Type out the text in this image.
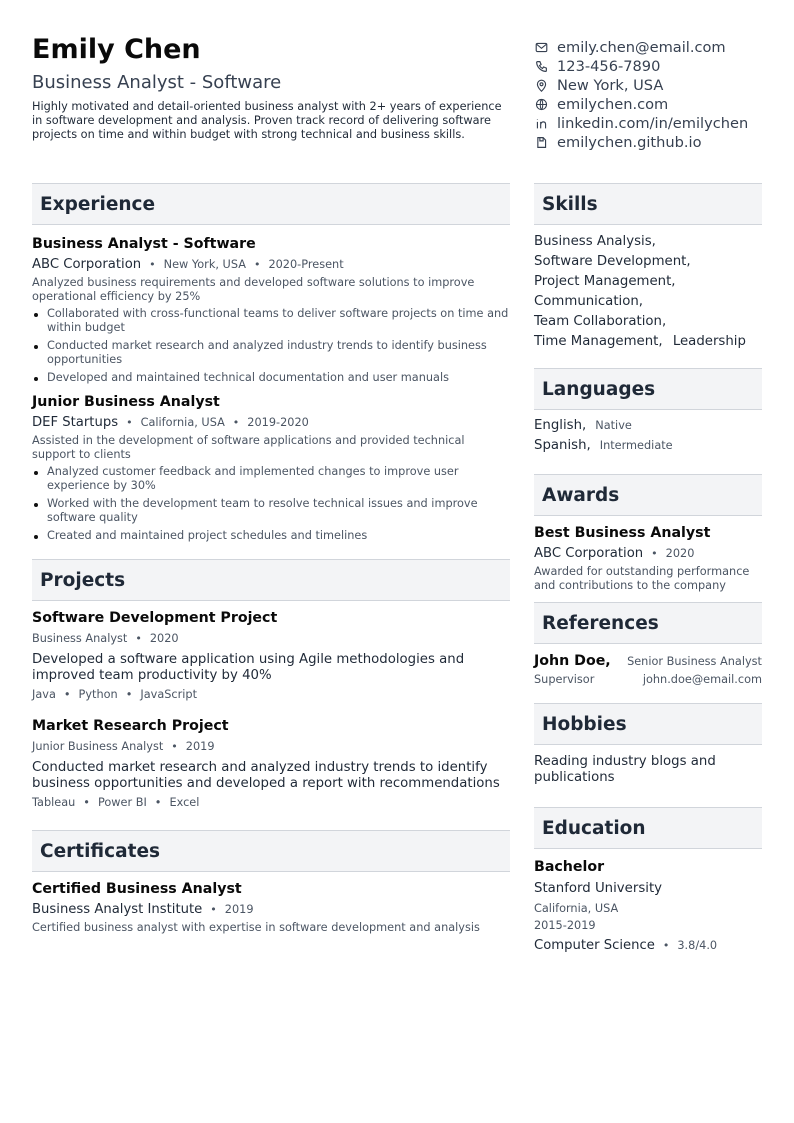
Emily Chen
Business Analyst - Software

Highly motivated and detail-oriented business analyst with 2+ years of experience in software development and analysis. Proven track record of delivering software projects on time and within budget with strong technical and business skills.

emily.chen@email.com
123-456-7890
New York, USA
emilychen.com
linkedin.com/in/emilychen
emilychen.github.io
Experience
Business Analyst - Software
ABC Corporation • New York, USA • 2020-Present

Analyzed business requirements and developed software solutions to improve operational efficiency by 25%

Collaborated with cross-functional teams to deliver software projects on time and within budget
Conducted market research and analyzed industry trends to identify business opportunities
Developed and maintained technical documentation and user manuals
Junior Business Analyst
DEF Startups • California, USA • 2019-2020

Assisted in the development of software applications and provided technical support to clients

Analyzed customer feedback and implemented changes to improve user experience by 30%
Worked with the development team to resolve technical issues and improve software quality
Created and maintained project schedules and timelines
Projects
Software Development Project
Business Analyst • 2020

Developed a software application using Agile methodologies and improved team productivity by 40%

Java • Python • JavaScript
Market Research Project
Junior Business Analyst • 2019

Conducted market research and analyzed industry trends to identify business opportunities and developed a report with recommendations

Tableau • Power BI • Excel
Certificates
Certified Business Analyst
Business Analyst Institute • 2019

Certified business analyst with expertise in software development and analysis

Skills
Business Analysis,
Software Development,
Project Management,
Communication,
Team Collaboration,
Time Management, Leadership
Languages
English, Native
Spanish, Intermediate
Awards
Best Business Analyst
ABC Corporation • 2020

Awarded for outstanding performance and contributions to the company

References
John Doe, Senior Business Analyst
Supervisor	john.doe@email.com
Hobbies

Reading industry blogs and publications

Education
Bachelor
Stanford University
California, USA
2015-2019
Computer Science • 3.8/4.0
